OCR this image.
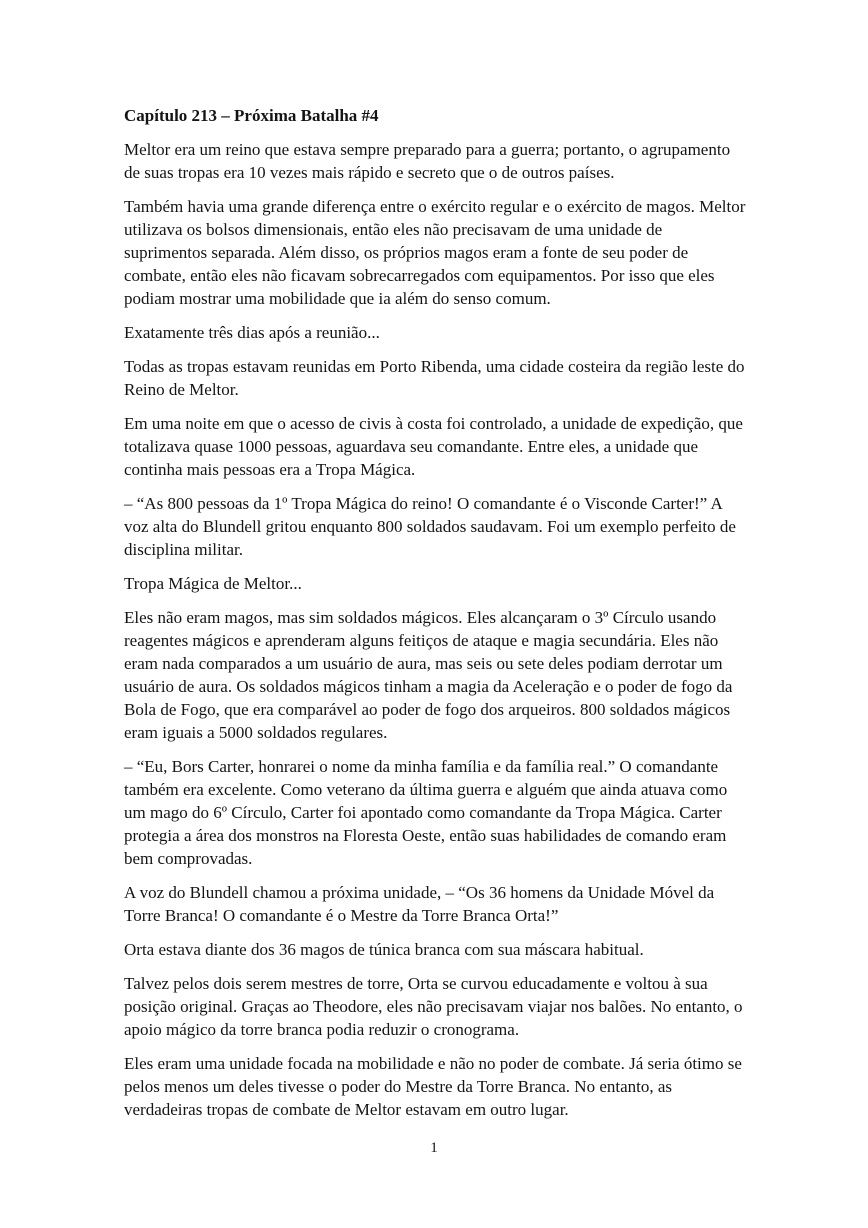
Capítulo 213 – Próxima Batalha #4

Meltor era um reino que estava sempre preparado para a guerra; portanto, o agrupamento de suas tropas era 10 vezes mais rápido e secreto que o de outros países.

Também havia uma grande diferença entre o exército regular e o exército de magos. Meltor utilizava os bolsos dimensionais, então eles não precisavam de uma unidade de suprimentos separada. Além disso, os próprios magos eram a fonte de seu poder de combate, então eles não ficavam sobrecarregados com equipamentos. Por isso que eles podiam mostrar uma mobilidade que ia além do senso comum.

Exatamente três dias após a reunião...

Todas as tropas estavam reunidas em Porto Ribenda, uma cidade costeira da região leste do Reino de Meltor.

Em uma noite em que o acesso de civis à costa foi controlado, a unidade de expedição, que totalizava quase 1000 pessoas, aguardava seu comandante. Entre eles, a unidade que continha mais pessoas era a Tropa Mágica.

– “As 800 pessoas da 1º Tropa Mágica do reino! O comandante é o Visconde Carter!” A voz alta do Blundell gritou enquanto 800 soldados saudavam. Foi um exemplo perfeito de disciplina militar.

Tropa Mágica de Meltor...

Eles não eram magos, mas sim soldados mágicos. Eles alcançaram o 3º Círculo usando reagentes mágicos e aprenderam alguns feitiços de ataque e magia secundária. Eles não eram nada comparados a um usuário de aura, mas seis ou sete deles podiam derrotar um usuário de aura. Os soldados mágicos tinham a magia da Aceleração e o poder de fogo da Bola de Fogo, que era comparável ao poder de fogo dos arqueiros. 800 soldados mágicos eram iguais a 5000 soldados regulares.

– “Eu, Bors Carter, honrarei o nome da minha família e da família real.” O comandante também era excelente. Como veterano da última guerra e alguém que ainda atuava como um mago do 6º Círculo, Carter foi apontado como comandante da Tropa Mágica. Carter protegia a área dos monstros na Floresta Oeste, então suas habilidades de comando eram bem comprovadas.

A voz do Blundell chamou a próxima unidade, – “Os 36 homens da Unidade Móvel da Torre Branca! O comandante é o Mestre da Torre Branca Orta!”

Orta estava diante dos 36 magos de túnica branca com sua máscara habitual.

Talvez pelos dois serem mestres de torre, Orta se curvou educadamente e voltou à sua posição original. Graças ao Theodore, eles não precisavam viajar nos balões. No entanto, o apoio mágico da torre branca podia reduzir o cronograma.

Eles eram uma unidade focada na mobilidade e não no poder de combate. Já seria ótimo se pelos menos um deles tivesse o poder do Mestre da Torre Branca. No entanto, as verdadeiras tropas de combate de Meltor estavam em outro lugar.

1
